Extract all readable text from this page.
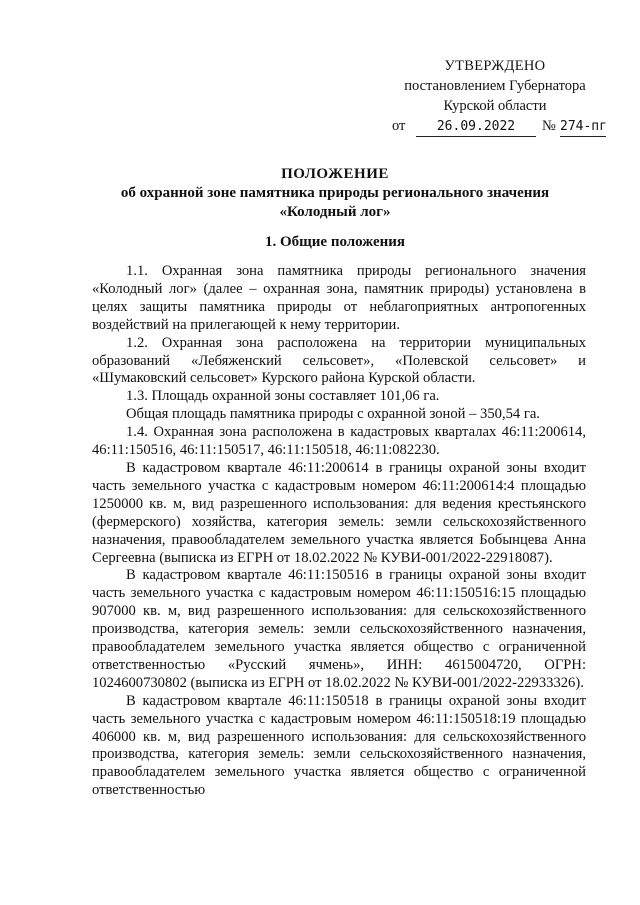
УТВЕРЖДЕНО
постановлением Губернатора
Курской области
от	26.09.2022	№ 274-пг
ПОЛОЖЕНИЕ
об охранной зоне памятника природы регионального значения
«Колодный лог»
1. Общие положения

1.1. Охранная зона памятника природы регионального значения «Колодный лог» (далее – охранная зона, памятник природы) установлена в целях защиты памятника природы от неблагоприятных антропогенных воздействий на прилегающей к нему территории.

1.2. Охранная зона расположена на территории муниципальных образований «Лебяженский сельсовет», «Полевской сельсовет» и «Шумаковский сельсовет» Курского района Курской области.

1.3. Площадь охранной зоны составляет 101,06 га.

Общая площадь памятника природы с охранной зоной – 350,54 га.

1.4. Охранная зона расположена в кадастровых кварталах 46:11:200614, 46:11:150516, 46:11:150517, 46:11:150518, 46:11:082230.

В кадастровом квартале 46:11:200614 в границы охраной зоны входит часть земельного участка с кадастровым номером 46:11:200614:4 площадью 1250000 кв. м, вид разрешенного использования: для ведения крестьянского (фермерского) хозяйства, категория земель: земли сельскохозяйственного назначения, правообладателем земельного участка является Бобынцева Анна Сергеевна (выписка из ЕГРН от 18.02.2022 № КУВИ-001/2022-22918087).

В кадастровом квартале 46:11:150516 в границы охраной зоны входит часть земельного участка с кадастровым номером 46:11:150516:15 площадью 907000 кв. м, вид разрешенного использования: для сельскохозяйственного производства, категория земель: земли сельскохозяйственного назначения, правообладателем земельного участка является общество с ограниченной ответственностью «Русский ячмень», ИНН: 4615004720, ОГРН: 1024600730802 (выписка из ЕГРН от 18.02.2022 № КУВИ-001/2022-22933326).

В кадастровом квартале 46:11:150518 в границы охраной зоны входит часть земельного участка с кадастровым номером 46:11:150518:19 площадью 406000 кв. м, вид разрешенного использования: для сельскохозяйственного производства, категория земель: земли сельскохозяйственного назначения, правообладателем земельного участка является общество с ограниченной ответственностью
